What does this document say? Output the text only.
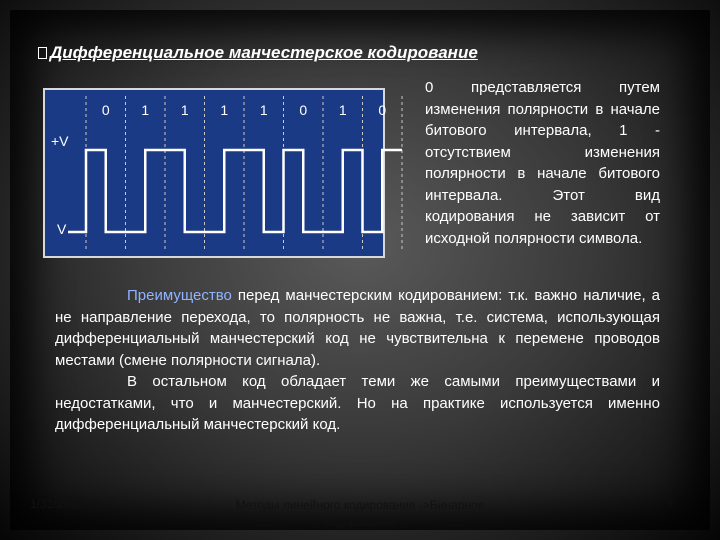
Дифференциальное манчестерское кодирование
0 1 1 1 1 0 1 0
+V
V
0 представляется путем изменения полярности в начале битового интервала, 1 - отсутствием изменения полярности в начале битового интервала. Этот вид кодирования не зависит от исходной полярности символа.

Преимущество перед манчестерским кодированием: т.к. важно наличие, а не направление перехода, то полярность не важна, т.е. система, использующая дифференциальный манчестерский код не чувствительна к перемене проводов местами (смене полярности сигнала).

В остальном код обладает теми же самыми преимуществами и недостатками, что и манчестерский. Но на практике используется именно дифференциальный манчестерский код.

1/31/2018	Методы линейного кодирования ->Бинарное кодирование
7
